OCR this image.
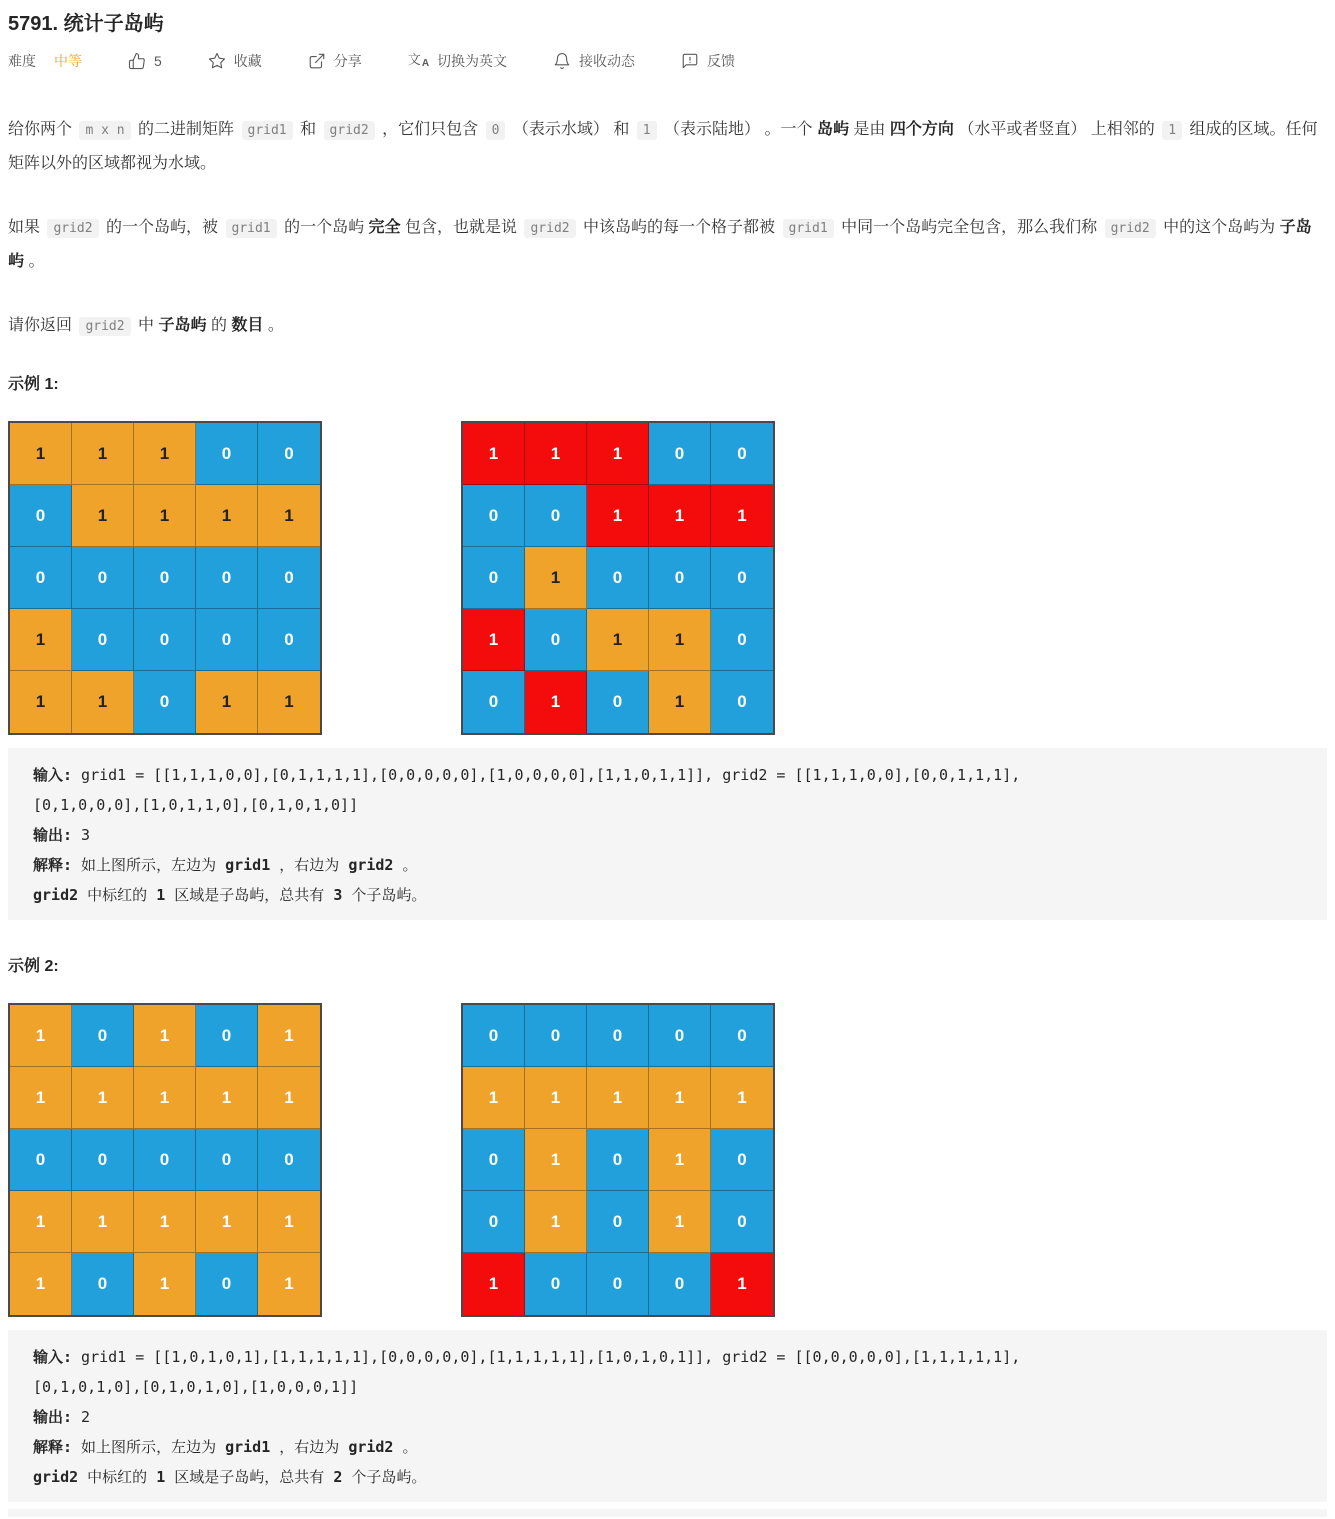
5791. 统计子岛屿
难度 中等	5	收藏	分享	文 A 切换为英文	接收动态	反馈

给你两个 m x n 的二进制矩阵 grid1 和 grid2 ，它们只包含 0 （表示水域） 和 1 （表示陆地） 。一个 岛屿 是由 四个方向 （水平或者竖直） 上相邻的 1 组成的区域。任何矩阵以外的区域都视为水域。

如果 grid2 的一个岛屿，被 grid1 的一个岛屿 完全 包含，也就是说 grid2 中该岛屿的每一个格子都被 grid1 中同一个岛屿完全包含，那么我们称 grid2 中的这个岛屿为 子岛屿 。

请你返回 grid2 中 子岛屿 的 数目 。

示例 1:
1	1	1	0	0
0	1	1	1	1
0	0	0	0	0
1	0	0	0	0
1	1	0	1	1
1	1	1	0	0
0	0	1	1	1
0	1	0	0	0
1	0	1	1	0
0	1	0	1	0
输入: grid1 = [[1,1,1,0,0],[0,1,1,1,1],[0,0,0,0,0],[1,0,0,0,0],[1,1,0,1,1]], grid2 = [[1,1,1,0,0],[0,0,1,1,1],
[0,1,0,0,0],[1,0,1,1,0],[0,1,0,1,0]]
输出: 3
解释: 如上图所示，左边为 grid1 ，右边为 grid2 。
grid2 中标红的 1 区域是子岛屿，总共有 3 个子岛屿。
示例 2:
1	0	1	0	1
1	1	1	1	1
0	0	0	0	0
1	1	1	1	1
1	0	1	0	1
0	0	0	0	0
1	1	1	1	1
0	1	0	1	0
0	1	0	1	0
1	0	0	0	1
输入: grid1 = [[1,0,1,0,1],[1,1,1,1,1],[0,0,0,0,0],[1,1,1,1,1],[1,0,1,0,1]], grid2 = [[0,0,0,0,0],[1,1,1,1,1],
[0,1,0,1,0],[0,1,0,1,0],[1,0,0,0,1]]
输出: 2
解释: 如上图所示，左边为 grid1 ，右边为 grid2 。
grid2 中标红的 1 区域是子岛屿，总共有 2 个子岛屿。
